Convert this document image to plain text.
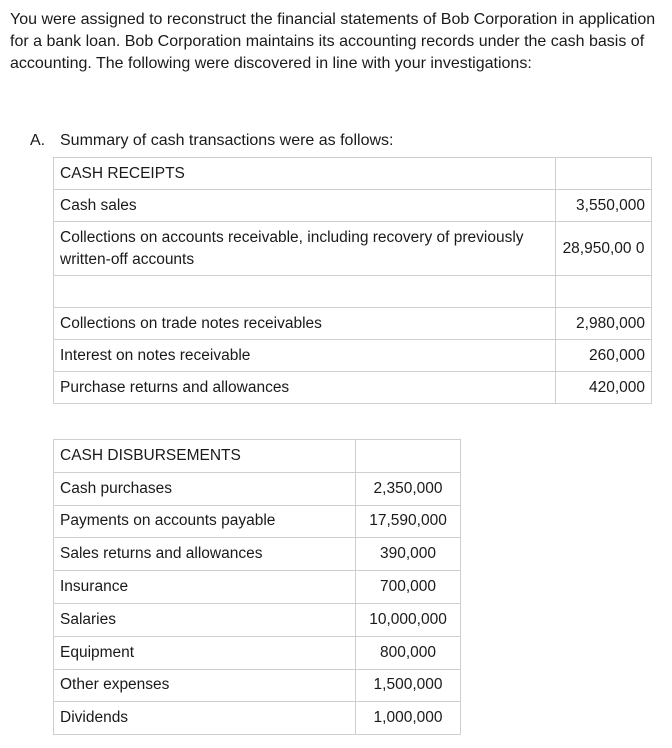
You were assigned to reconstruct the financial statements of Bob Corporation in application for a bank loan. Bob Corporation maintains its accounting records under the cash basis of accounting. The following were discovered in line with your investigations:

A. Summary of cash transactions were as follows:

CASH RECEIPTS	
Cash sales	3,550,000
Collections on accounts receivable, including recovery of previously written-off accounts	28,950,00 0

Collections on trade notes receivables	2,980,000
Interest on notes receivable	260,000
Purchase returns and allowances	420,000
CASH DISBURSEMENTS	
Cash purchases	2,350,000
Payments on accounts payable	17,590,000
Sales returns and allowances	390,000
Insurance	700,000
Salaries	10,000,000
Equipment	800,000
Other expenses	1,500,000
Dividends	1,000,000
